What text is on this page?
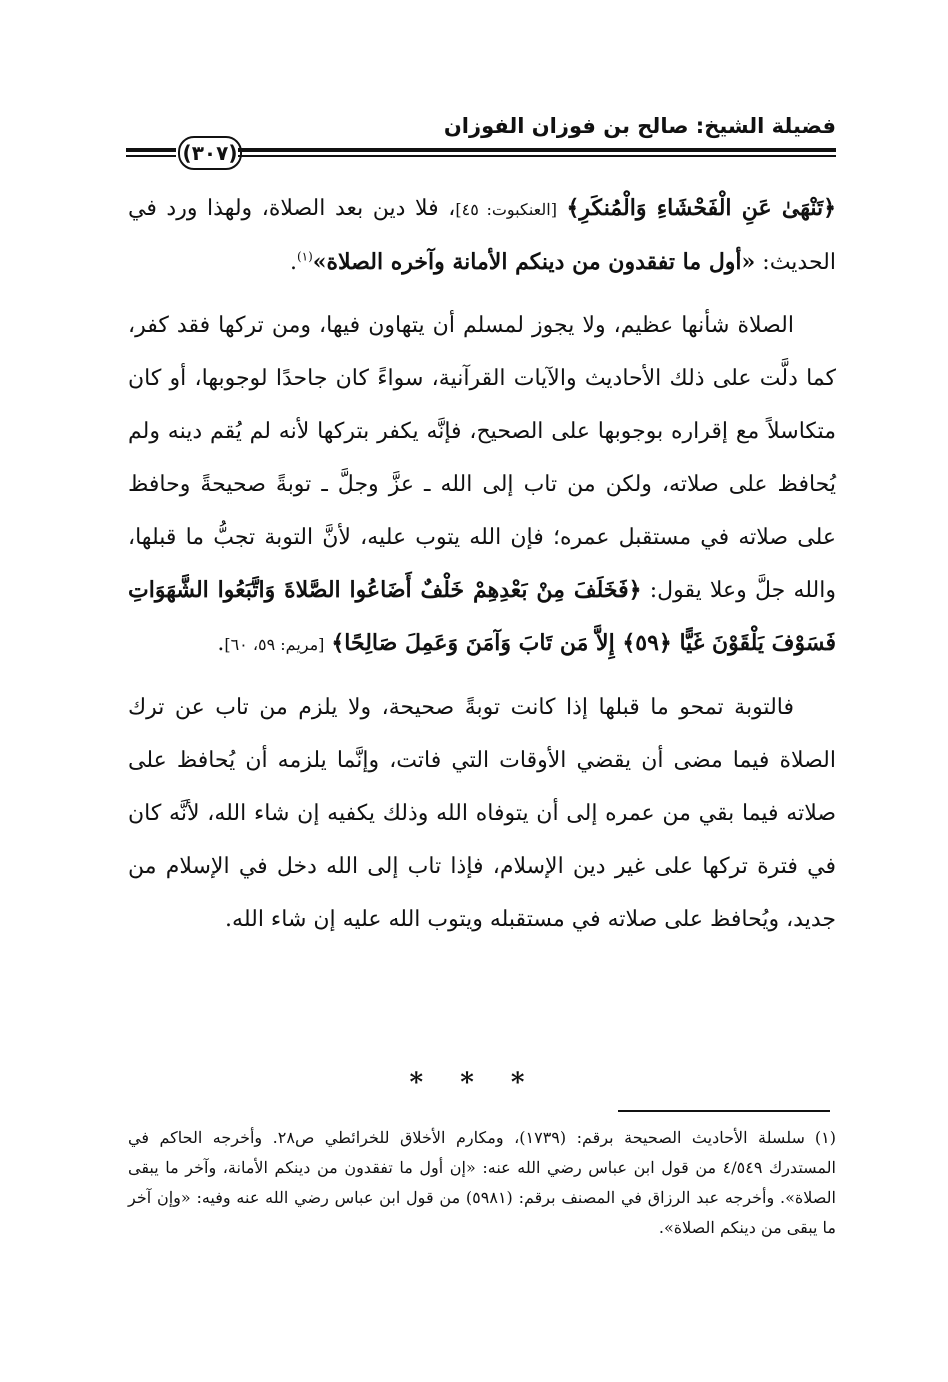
(٣٠٧)
فضيلة الشيخ: صالح بن فوزان الفوزان

﴿تَنْهَىٰ عَنِ الْفَحْشَاءِ وَالْمُنكَرِ﴾ [العنكبوت: ٤٥]، فلا دين بعد الصلاة، ولهذا ورد في الحديث: «أول ما تفقدون من دينكم الأمانة وآخره الصلاة»$^{(١)}$.

الصلاة شأنها عظيم، ولا يجوز لمسلم أن يتهاون فيها، ومن تركها فقد كفر، كما دلَّت على ذلك الأحاديث والآيات القرآنية، سواءً كان جاحدًا لوجوبها، أو كان متكاسلاً مع إقراره بوجوبها على الصحيح، فإنَّه يكفر بتركها لأنه لم يُقم دينه ولم يُحافظ على صلاته، ولكن من تاب إلى الله ـ عزَّ وجلَّ ـ توبةً صحيحةً وحافظ على صلاته في مستقبل عمره؛ فإن الله يتوب عليه، لأنَّ التوبة تجبُّ ما قبلها، والله جلَّ وعلا يقول: ﴿فَخَلَفَ مِنْ بَعْدِهِمْ خَلْفٌ أَضَاعُوا الصَّلاةَ وَاتَّبَعُوا الشَّهَوَاتِ فَسَوْفَ يَلْقَوْنَ غَيًّا ﴿٥٩﴾ إِلاَّ مَن تَابَ وَآمَنَ وَعَمِلَ صَالِحًا﴾ [مريم: ٥٩، ٦٠].

فالتوبة تمحو ما قبلها إذا كانت توبةً صحيحة، ولا يلزم من تاب عن ترك الصلاة فيما مضى أن يقضي الأوقات التي فاتت، وإنَّما يلزمه أن يُحافظ على صلاته فيما بقي من عمره إلى أن يتوفاه الله وذلك يكفيه إن شاء الله، لأنَّه كان في فترة تركها على غير دين الإسلام، فإذا تاب إلى الله دخل في الإسلام من جديد، ويُحافظ على صلاته في مستقبله ويتوب الله عليه إن شاء الله.

* * *
(١)سلسلة الأحاديث الصحيحة برقم: (١٧٣٩)، ومكارم الأخلاق للخرائطي ص٢٨. وأخرجه الحاكم في المستدرك ٤/٥٤٩ من قول ابن عباس رضي الله عنه: «إن أول ما تفقدون من دينكم الأمانة، وآخر ما يبقى الصلاة». وأخرجه عبد الرزاق في المصنف برقم: (٥٩٨١) من قول ابن عباس رضي الله عنه وفيه: «وإن آخر ما يبقى من دينكم الصلاة».
